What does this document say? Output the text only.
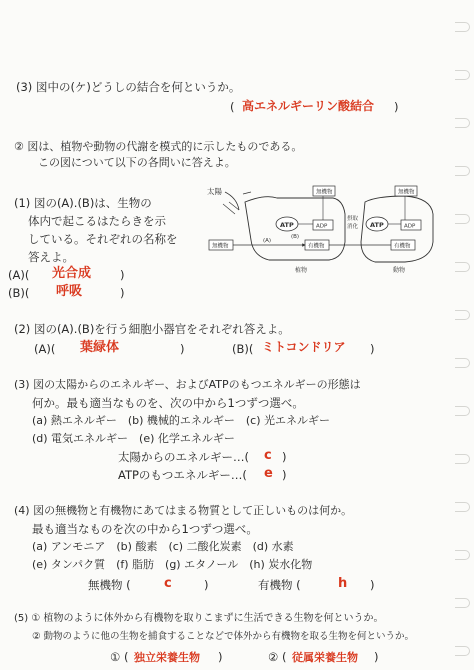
(3) 図中の(ケ)どうしの結合を何というか。
( 高エネルギーリン酸結合 )
② 図は、植物や動物の代謝を模式的に示したものである。
この図について以下の各問いに答えよ。
太陽	無機物	無機物
ATP	ADP	ATP	ADP
無機物	有機物	有機物
(A)
(B)
摂取
消化
植物	動物
(1) 図の(A).(B)は、生物の
体内で起こるはたらきを示
している。それぞれの名称を
答えよ。
(A)( 光合成	)
(B)( 呼吸	)
(2) 図の(A).(B)を行う細胞小器官をそれぞれ答えよ。
(A)( 葉緑体	)	(B)( ミトコンドリア )
(3) 図の太陽からのエネルギー、およびATPのもつエネルギーの形態は
何か。最も適当なものを、次の中から1つずつ選べ。
(a) 熱エネルギー　(b) 機械的エネルギー　(c) 光エネルギー
(d) 電気エネルギー　(e) 化学エネルギー
太陽からのエネルギー…( c )
ATPのもつエネルギー…( e )
(4) 図の無機物と有機物にあてはまる物質として正しいものは何か。
最も適当なものを次の中から1つずつ選べ。
(a) アンモニア　(b) 酸素　(c) 二酸化炭素　(d) 水素
(e) タンパク質　(f) 脂肪　(g) エタノール　(h) 炭水化物
無機物 (	c	)	有機物 (	h )
(5) ① 植物のように体外から有機物を取りこまずに生活できる生物を何というか。
② 動物のように他の生物を捕食することなどで体外から有機物を取る生物を何というか。
① ( 独立栄養生物 )	② ( 従属栄養生物 )
